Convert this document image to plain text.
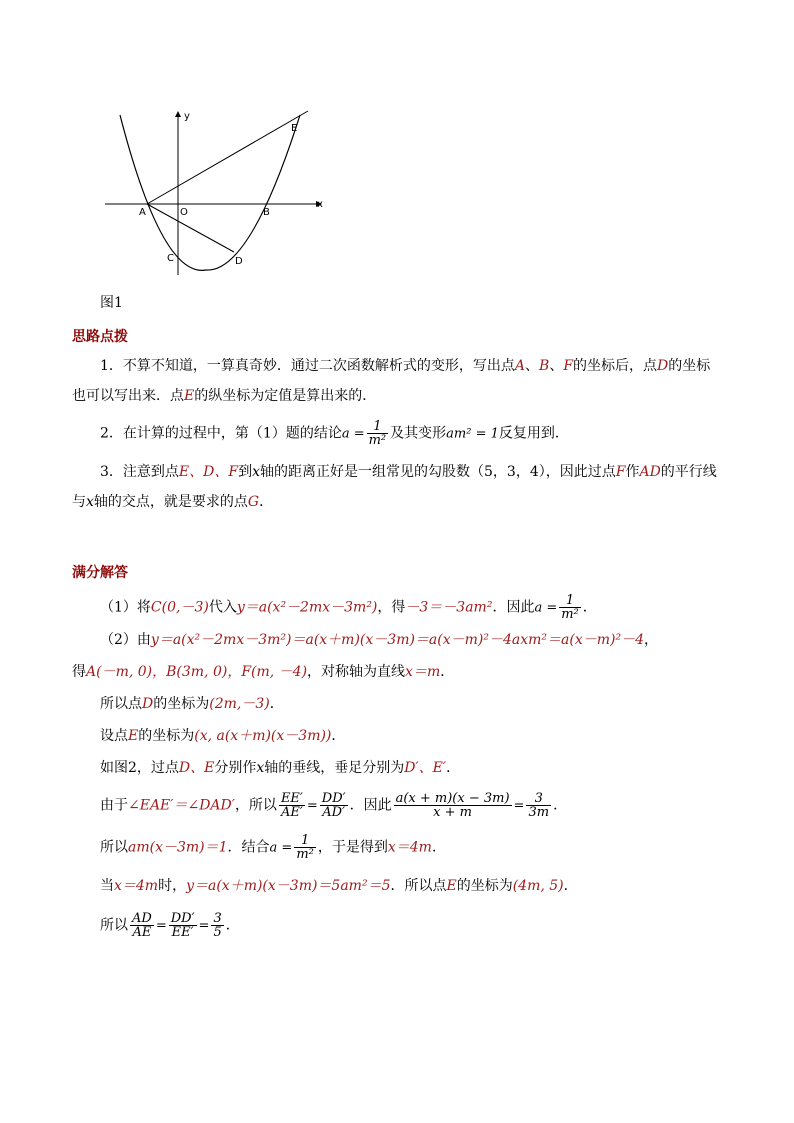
y
x
O
A	B
C	D
E
图1
思路点拨
1．不算不知道，一算真奇妙．通过二次函数解析式的变形，写出点A、B、F的坐标后，点D的坐标
也可以写出来．点E的纵坐标为定值是算出来的．
2．在计算的过程中，第（1）题的结论$a = \frac{1}{\text{m²}}$ 及其变形am² = 1反复用到．
3．注意到点E、D、F到x轴的距离正好是一组常见的勾股数（5，3，4），因此过点F作AD的平行线
与x轴的交点，就是要求的点G．
满分解答
（1）将C(0,－3)代入y＝a(x²－2mx－3m²)，得－3＝－3am²．因此$a = \frac{1}{\text{m²}}$ ．
（2）由y＝a(x²－2mx－3m²)＝a(x＋m)(x－3m)＝a(x－m)²－4axm²＝a(x－m)²－4，
得A(－m, 0)，B(3m, 0)，F(m, －4)，对称轴为直线x＝m．
所以点D的坐标为(2m,－3)．
设点E的坐标为(x, a(x＋m)(x－3m))．
如图2，过点D、E分别作x轴的垂线，垂足分别为D′、E′．
由于∠EAE′＝∠DAD′，所以 $\frac{EE'}{AE'} = \frac{DD'}{AD'}$ ．因此 $\frac{a(x + m)(x - 3m)}{x + m} = \frac{3}{3m}$ ．
所以am(x－3m)＝1．结合$a = \frac{1}{\text{m²}}$ ，于是得到x＝4m．
当x＝4m时，y＝a(x＋m)(x－3m)＝5am²＝5．所以点E的坐标为(4m, 5)．
所以 $\frac{AD}{AE} = \frac{DD'}{EE'} = \frac{3}{5}$ ．
